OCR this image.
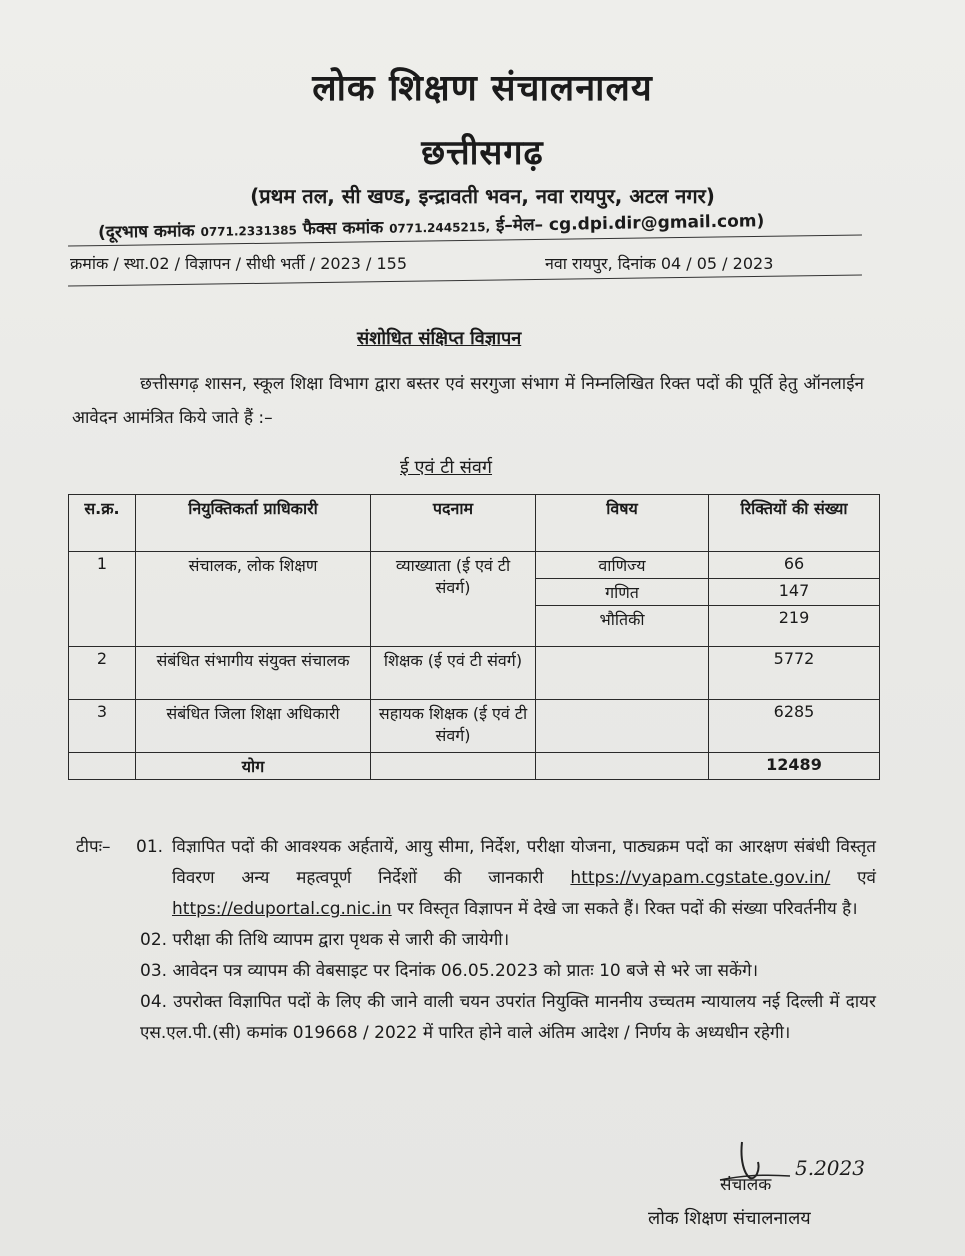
लोक शिक्षण संचालनालय
छत्तीसगढ़
(प्रथम तल, सी खण्ड, इन्द्रावती भवन, नवा रायपुर, अटल नगर)
(दूरभाष कमांक 0771.2331385 फैक्स कमांक 0771.2445215, ई–मेल– cg.dpi.dir@gmail.com)
क्रमांक / स्था.02 / विज्ञापन / सीधी भर्ती / 2023 / 155	नवा रायपुर, दिनांक 04 / 05 / 2023
संशोधित संक्षिप्त विज्ञापन
छत्तीसगढ़ शासन, स्कूल शिक्षा विभाग द्वारा बस्तर एवं सरगुजा संभाग में निम्नलिखित रिक्त पदों की पूर्ति हेतु ऑनलाईन आवेदन आमंत्रित किये जाते हैं :–
ई एवं टी संवर्ग
स.क्र.	नियुक्तिकर्ता प्राधिकारी	पदनाम	विषय	रिक्तियों की संख्या
1	संचालक, लोक शिक्षण	व्याख्याता (ई एवं टी संवर्ग)	वाणिज्य	66
			गणित	147
			भौतिकी	219
2	संबंधित संभागीय संयुक्त संचालक	शिक्षक (ई एवं टी संवर्ग)		5772
3	संबंधित जिला शिक्षा अधिकारी	सहायक शिक्षक (ई एवं टी संवर्ग)		6285
	योग			12489
टीपः– 01. विज्ञापित पदों की आवश्यक अर्हतायें, आयु सीमा, निर्देश, परीक्षा योजना, पाठ्यक्रम पदों का आरक्षण संबंधी विस्तृत विवरण अन्य महत्वपूर्ण निर्देशों की जानकारी https://vyapam.cgstate.gov.in/ एवं https://eduportal.cg.nic.in पर विस्तृत विज्ञापन में देखे जा सकते हैं। रिक्त पदों की संख्या परिवर्तनीय है।
02. परीक्षा की तिथि व्यापम द्वारा पृथक से जारी की जायेगी।
03. आवेदन पत्र व्यापम की वेबसाइट पर दिनांक 06.05.2023 को प्रातः 10 बजे से भरे जा सकेंगे।
04. उपरोक्त विज्ञापित पदों के लिए की जाने वाली चयन उपरांत नियुक्ति माननीय उच्चतम न्यायालय नई दिल्ली में दायर एस.एल.पी.(सी) कमांक 019668 / 2022 में पारित होने वाले अंतिम आदेश / निर्णय के अध्यधीन रहेगी।
5.2023
संचालक
लोक शिक्षण संचालनालय
